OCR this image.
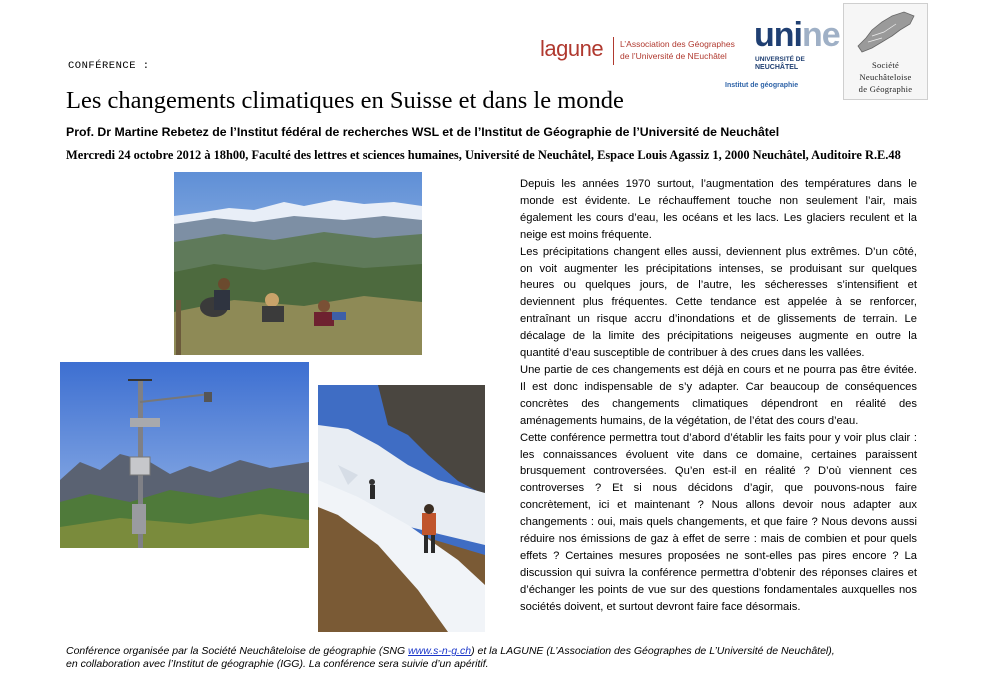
CONFÉRENCE :
Les changements climatiques en Suisse et dans le monde
Prof. Dr Martine Rebetez de l’Institut fédéral de recherches WSL et de l’Institut de Géographie de l’Université de Neuchâtel
Mercredi 24 octobre 2012 à 18h00, Faculté des lettres et sciences humaines, Université de Neuchâtel, Espace Louis Agassiz 1, 2000 Neuchâtel, Auditoire R.E.48
lagune L’Association des Géographes
de l’Université de NEuchâtel
unine
UNIVERSITÉ DE
NEUCHÂTEL
Institut de géographie
Société
Neuchâteloise
de Géographie

Depuis les années 1970 surtout, l’augmentation des températures dans le monde est évidente. Le réchauffement touche non seulement l’air, mais également les cours d’eau, les océans et les lacs. Les glaciers reculent et la neige est moins fréquente.

Les précipitations changent elles aussi, deviennent plus extrêmes. D’un côté, on voit augmenter les précipitations intenses, se produisant sur quelques heures ou quelques jours, de l’autre, les sécheresses s’intensifient et deviennent plus fréquentes. Cette tendance est appelée à se renforcer, entraînant un risque accru d’inondations et de glissements de terrain. Le décalage de la limite des précipitations neigeuses augmente en outre la quantité d’eau susceptible de contribuer à des crues dans les vallées.

Une partie de ces changements est déjà en cours et ne pourra pas être évitée. Il est donc indispensable de s’y adapter. Car beaucoup de conséquences concrètes des changements climatiques dépendront en réalité des aménagements humains, de la végétation, de l’état des cours d’eau.

Cette conférence permettra tout d’abord d’établir les faits pour y voir plus clair : les connaissances évoluent vite dans ce domaine, certaines paraissent brusquement controversées. Qu’en est-il en réalité ? D’où viennent ces controverses ? Et si nous décidons d’agir, que pouvons-nous faire concrètement, ici et maintenant ? Nous allons devoir nous adapter aux changements : oui, mais quels changements, et que faire ? Nous devons aussi réduire nos émissions de gaz à effet de serre : mais de combien et pour quels effets ? Certaines mesures proposées ne sont-elles pas pires encore ? La discussion qui suivra la conférence permettra d’obtenir des réponses claires et d’échanger les points de vue sur des questions fondamentales auxquelles nos sociétés doivent, et surtout devront faire face désormais.

Conférence organisée par la Société Neuchâteloise de géographie (SNG www.s-n-g.ch) et la LAGUNE (L’Association des Géographes de L’Université de Neuchâtel),
en collaboration avec l’Institut de géographie (IGG). La conférence sera suivie d’un apéritif.
